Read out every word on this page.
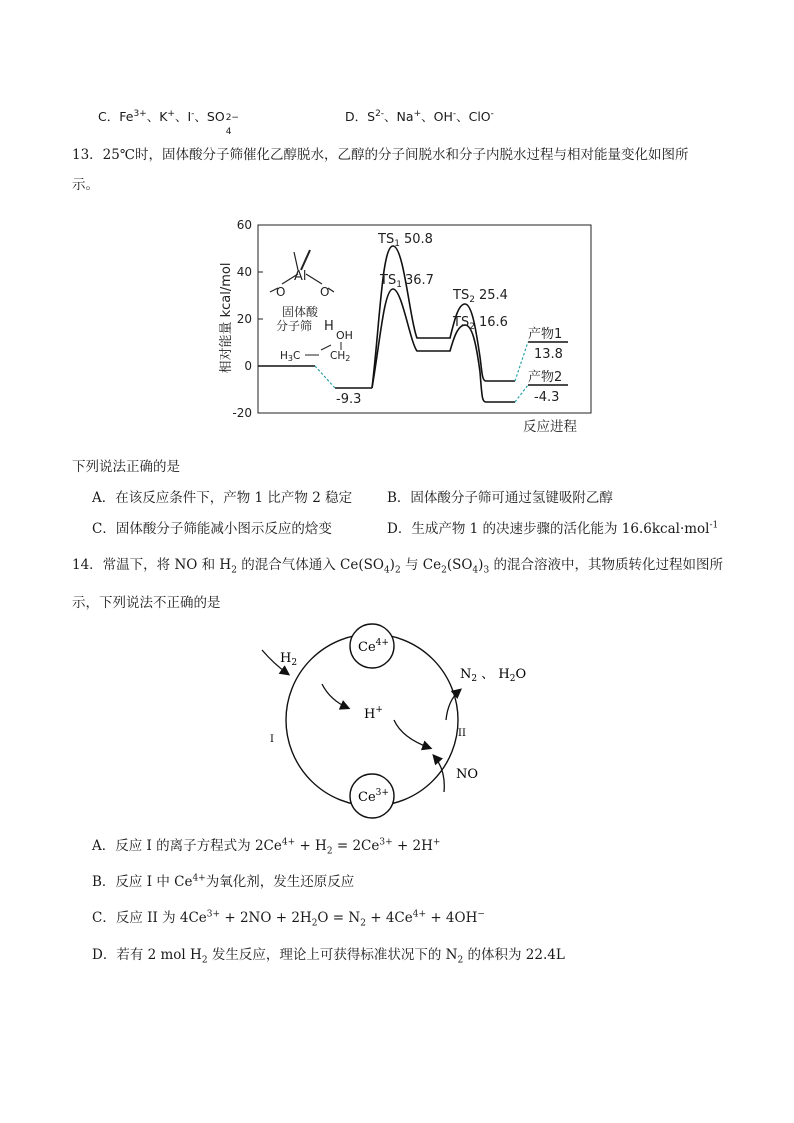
C．$Fe^{3+}$、K+、I-、SO 2−
4
D．$S^{2-}$、Na+、OH-、ClO-
13．25℃时，固体酸分子筛催化乙醇脱水，乙醇的分子间脱水和分子内脱水过程与相对能量变化如图所
示。
60
40
20
0
-20
相对能量 kcal/mol
反应进程
Al
O	O
固体酸
分子筛 H
OH
H3C	CH2
$TS_1$ 50.8
$TS_1$ 36.7
$TS_2$ 25.4
$TS_2$ 16.6
产物1
13.8
产物2
-4.3
-9.3
下列说法正确的是
A．在该反应条件下，产物 1 比产物 2 稳定	B．固体酸分子筛可通过氢键吸附乙醇
C．固体酸分子筛能减小图示反应的焓变	D．生成产物 1 的决速步骤的活化能为 16.6kcal·mol$^{-1}$
14．常温下，将 NO 和 $H_2$ 的混合气体通入 $Ce(SO_4)_2$ 与 $Ce_2(SO_4)_3$ 的混合溶液中，其物质转化过程如图所
示，下列说法不正确的是
$Ce^{4+}$
$Ce^{3+}$
$H_2$
H+
$N_2$ 、 $H_2O$
NO
I
II
A．反应 I 的离子方程式为 $2Ce^{4+} + H_2 = 2Ce^{3+} + 2H^+$
B．反应 I 中 $Ce^{4+}$为氧化剂，发生还原反应
C．反应 II 为 $4Ce^{3+} + 2NO + 2H_2O = N_2 + 4Ce^{4+} + 4OH^-$
D．若有 2 mol $H_2$ 发生反应，理论上可获得标准状况下的 $N_2$ 的体积为 22.4L
